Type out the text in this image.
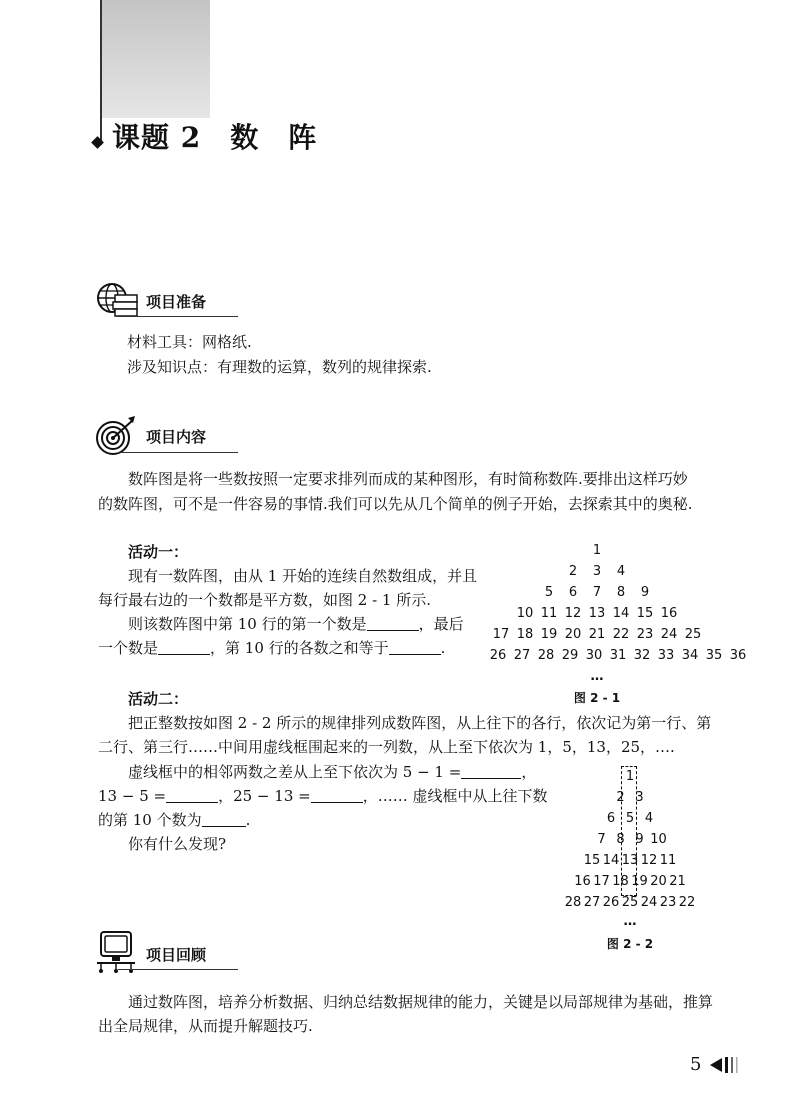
课题 2　数　阵
项目准备

材料工具：网格纸.

涉及知识点：有理数的运算，数列的规律探索.

项目内容

数阵图是将一些数按照一定要求排列而成的某种图形，有时简称数阵.要排出这样巧妙

的数阵图，可不是一件容易的事情.我们可以先从几个简单的例子开始，去探索其中的奥秘.

活动一：

现有一数阵图，由从 1 开始的连续自然数组成，并且

每行最右边的一个数都是平方数，如图 2 - 1 所示.

则该数阵图中第 10 行的第一个数是	，最后

一个数是	，第 10 行的各数之和等于	.

1
2 3 4
5 6 7 8 9
10 11 12 13 14 15 16
17 18 19 20 21 22 23 24 25
26 27 28 29 30 31 32 33 34 35 36
…
图 2 - 1

活动二：

把正整数按如图 2 - 2 所示的规律排列成数阵图，从上往下的各行，依次记为第一行、第

二行、第三行……中间用虚线框围起来的一列数，从上至下依次为 1，5，13，25，….

虚线框中的相邻两数之差从上至下依次为 5 − 1 =	，

13 − 5 =	，25 − 13 =	，…… 虚线框中从上往下数

的第 10 个数为	.

你有什么发现?

1
2 3
6 5 4
7 8 9 10
15 14 13 12 11
16 17 18 19 20 21
28 27 26 25 24 23 22
…
图 2 - 2
项目回顾

通过数阵图，培养分析数据、归纳总结数据规律的能力，关键是以局部规律为基础，推算

出全局规律，从而提升解题技巧.

5
